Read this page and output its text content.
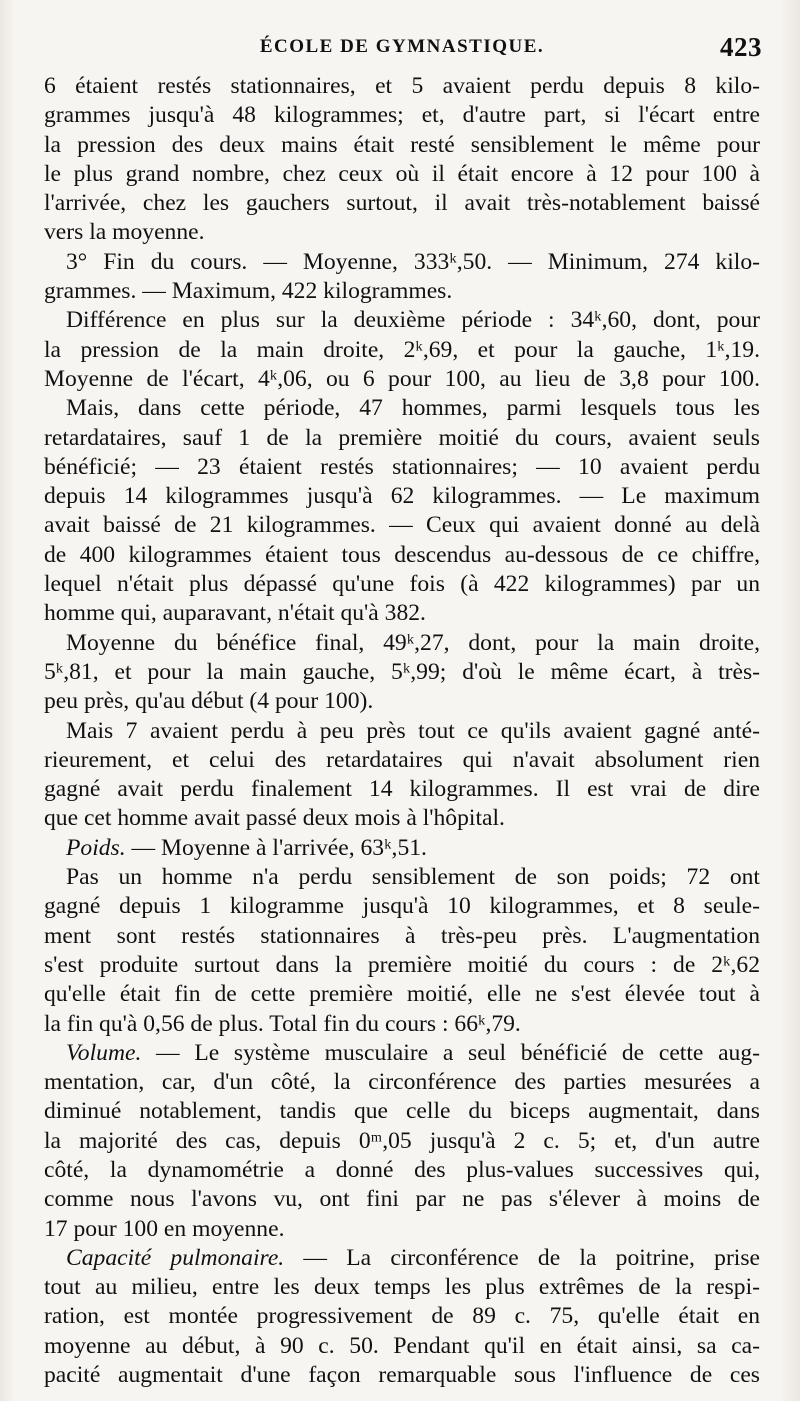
ÉCOLE DE GYMNASTIQUE.	423
6 étaient restés stationnaires, et 5 avaient perdu depuis 8 kilo-
grammes jusqu'à 48 kilogrammes; et, d'autre part, si l'écart entre
la pression des deux mains était resté sensiblement le même pour
le plus grand nombre, chez ceux où il était encore à 12 pour 100 à
l'arrivée, chez les gauchers surtout, il avait très-notablement baissé
vers la moyenne.
3° Fin du cours. — Moyenne, 333ᵏ,50. — Minimum, 274 kilo-
grammes. — Maximum, 422 kilogrammes.
Différence en plus sur la deuxième période : 34ᵏ,60, dont, pour
la pression de la main droite, 2ᵏ,69, et pour la gauche, 1ᵏ,19.
Moyenne de l'écart, 4ᵏ,06, ou 6 pour 100, au lieu de 3,8 pour 100.
Mais, dans cette période, 47 hommes, parmi lesquels tous les
retardataires, sauf 1 de la première moitié du cours, avaient seuls
bénéficié; — 23 étaient restés stationnaires; — 10 avaient perdu
depuis 14 kilogrammes jusqu'à 62 kilogrammes. — Le maximum
avait baissé de 21 kilogrammes. — Ceux qui avaient donné au delà
de 400 kilogrammes étaient tous descendus au-dessous de ce chiffre,
lequel n'était plus dépassé qu'une fois (à 422 kilogrammes) par un
homme qui, auparavant, n'était qu'à 382.
Moyenne du bénéfice final, 49ᵏ,27, dont, pour la main droite,
5ᵏ,81, et pour la main gauche, 5ᵏ,99; d'où le même écart, à très-
peu près, qu'au début (4 pour 100).
Mais 7 avaient perdu à peu près tout ce qu'ils avaient gagné anté-
rieurement, et celui des retardataires qui n'avait absolument rien
gagné avait perdu finalement 14 kilogrammes. Il est vrai de dire
que cet homme avait passé deux mois à l'hôpital.
Poids. — Moyenne à l'arrivée, 63ᵏ,51.
Pas un homme n'a perdu sensiblement de son poids; 72 ont
gagné depuis 1 kilogramme jusqu'à 10 kilogrammes, et 8 seule-
ment sont restés stationnaires à très-peu près. L'augmentation
s'est produite surtout dans la première moitié du cours : de 2ᵏ,62
qu'elle était fin de cette première moitié, elle ne s'est élevée tout à
la fin qu'à 0,56 de plus. Total fin du cours : 66ᵏ,79.
Volume. — Le système musculaire a seul bénéficié de cette aug-
mentation, car, d'un côté, la circonférence des parties mesurées a
diminué notablement, tandis que celle du biceps augmentait, dans
la majorité des cas, depuis 0ᵐ,05 jusqu'à 2 c. 5; et, d'un autre
côté, la dynamométrie a donné des plus-values successives qui,
comme nous l'avons vu, ont fini par ne pas s'élever à moins de
17 pour 100 en moyenne.
Capacité pulmonaire. — La circonférence de la poitrine, prise
tout au milieu, entre les deux temps les plus extrêmes de la respi-
ration, est montée progressivement de 89 c. 75, qu'elle était en
moyenne au début, à 90 c. 50. Pendant qu'il en était ainsi, sa ca-
pacité augmentait d'une façon remarquable sous l'influence de ces
